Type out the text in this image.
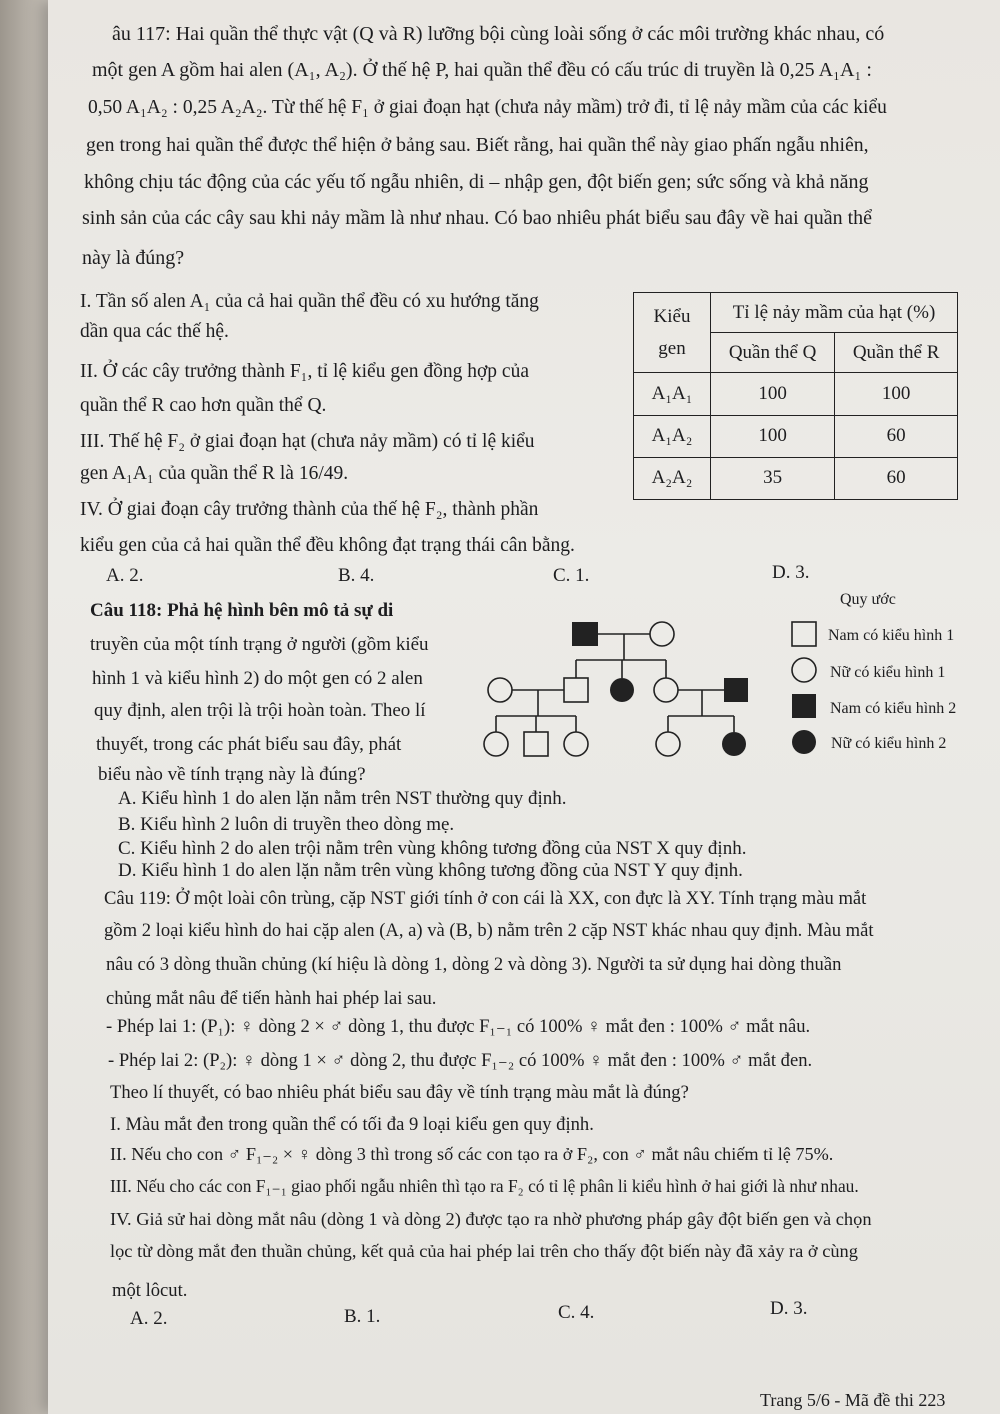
âu 117: Hai quần thể thực vật (Q và R) lưỡng bội cùng loài sống ở các môi trường khác nhau, có
một gen A gồm hai alen (A₁, A₂). Ở thế hệ P, hai quần thể đều có cấu trúc di truyền là 0,25 A₁A₁ :
0,50 A₁A₂ : 0,25 A₂A₂. Từ thế hệ F₁ ở giai đoạn hạt (chưa nảy mầm) trở đi, tỉ lệ nảy mầm của các kiểu
gen trong hai quần thể được thể hiện ở bảng sau. Biết rằng, hai quần thể này giao phấn ngẫu nhiên,
không chịu tác động của các yếu tố ngẫu nhiên, di – nhập gen, đột biến gen; sức sống và khả năng
sinh sản của các cây sau khi nảy mầm là như nhau. Có bao nhiêu phát biểu sau đây về hai quần thể
này là đúng?
I. Tần số alen A₁ của cả hai quần thể đều có xu hướng tăng
dần qua các thế hệ.
II. Ở các cây trưởng thành F₁, tỉ lệ kiểu gen đồng hợp của
quần thể R cao hơn quần thể Q.
III. Thế hệ F₂ ở giai đoạn hạt (chưa nảy mầm) có tỉ lệ kiểu
gen A₁A₁ của quần thể R là 16/49.
IV. Ở giai đoạn cây trưởng thành của thế hệ F₂, thành phần
kiểu gen của cả hai quần thể đều không đạt trạng thái cân bằng.
Kiểu
gen	Tỉ lệ nảy mầm của hạt (%)	
	Quần thể Q	Quần thể R
A₁A₁	100	100
A₁A₂	100	60
A₂A₂	35	60
A. 2.	B. 4.	C. 1.	D. 3.
Câu 118: Phả hệ hình bên mô tả sự di
truyền của một tính trạng ở người (gồm kiểu
hình 1 và kiểu hình 2) do một gen có 2 alen
quy định, alen trội là trội hoàn toàn. Theo lí
thuyết, trong các phát biểu sau đây, phát
biểu nào về tính trạng này là đúng?
Quy ước
Nam có kiểu hình 1
Nữ có kiểu hình 1
Nam có kiểu hình 2
Nữ có kiểu hình 2
A. Kiểu hình 1 do alen lặn nằm trên NST thường quy định.
B. Kiểu hình 2 luôn di truyền theo dòng mẹ.
C. Kiểu hình 2 do alen trội nằm trên vùng không tương đồng của NST X quy định.
D. Kiểu hình 1 do alen lặn nằm trên vùng không tương đồng của NST Y quy định.
Câu 119: Ở một loài côn trùng, cặp NST giới tính ở con cái là XX, con đực là XY. Tính trạng màu mắt
gồm 2 loại kiểu hình do hai cặp alen (A, a) và (B, b) nằm trên 2 cặp NST khác nhau quy định. Màu mắt
nâu có 3 dòng thuần chủng (kí hiệu là dòng 1, dòng 2 và dòng 3). Người ta sử dụng hai dòng thuần
chủng mắt nâu để tiến hành hai phép lai sau.
- Phép lai 1: (P₁): ♀ dòng 2 × ♂ dòng 1, thu được F₁₋₁ có 100% ♀ mắt đen : 100% ♂ mắt nâu.
- Phép lai 2: (P₂): ♀ dòng 1 × ♂ dòng 2, thu được F₁₋₂ có 100% ♀ mắt đen : 100% ♂ mắt đen.
Theo lí thuyết, có bao nhiêu phát biểu sau đây về tính trạng màu mắt là đúng?
I. Màu mắt đen trong quần thể có tối đa 9 loại kiểu gen quy định.
II. Nếu cho con ♂ F₁₋₂ × ♀ dòng 3 thì trong số các con tạo ra ở F₂, con ♂ mắt nâu chiếm tỉ lệ 75%.
III. Nếu cho các con F₁₋₁ giao phối ngẫu nhiên thì tạo ra F₂ có tỉ lệ phân li kiểu hình ở hai giới là như nhau.
IV. Giả sử hai dòng mắt nâu (dòng 1 và dòng 2) được tạo ra nhờ phương pháp gây đột biến gen và chọn
lọc từ dòng mắt đen thuần chủng, kết quả của hai phép lai trên cho thấy đột biến này đã xảy ra ở cùng
một lôcut.
A. 2.	B. 1.	C. 4.	D. 3.
Trang 5/6 - Mã đề thi 223
